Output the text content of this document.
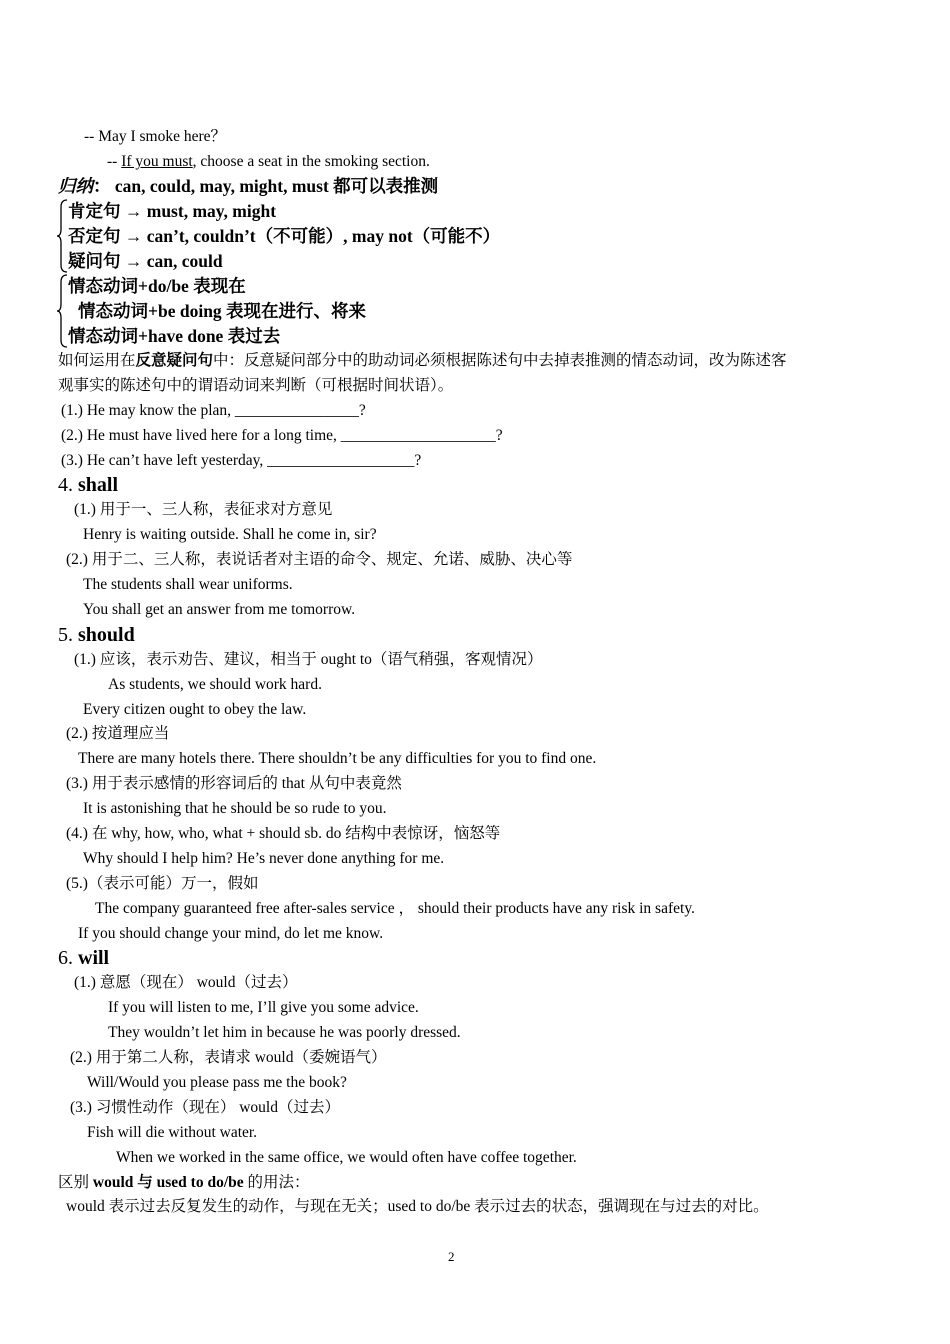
-- May I smoke here？
-- If you must, choose a seat in the smoking section.
归纳： can, could, may, might, must 都可以表推测
肯定句 → must, may, might
否定句 → can’t, couldn’t（不可能）, may not（可能不）
疑问句 → can, could
情态动词+do/be 表现在
情态动词+be doing 表现在进行、将来
情态动词+have done 表过去
如何运用在反意疑问句中：反意疑问部分中的助动词必须根据陈述句中去掉表推测的情态动词，改为陈述客
观事实的陈述句中的谓语动词来判断（可根据时间状语）。
(1.) He may know the plan, ________________?
(2.) He must have lived here for a long time, ____________________?
(3.) He can’t have left yesterday, ___________________?
4. shall
(1.) 用于一、三人称，表征求对方意见
Henry is waiting outside. Shall he come in, sir?
(2.) 用于二、三人称，表说话者对主语的命令、规定、允诺、威胁、决心等
The students shall wear uniforms.
You shall get an answer from me tomorrow.
5. should
(1.) 应该，表示劝告、建议，相当于 ought to（语气稍强，客观情况）
As students, we should work hard.
Every citizen ought to obey the law.
(2.) 按道理应当
There are many hotels there. There shouldn’t be any difficulties for you to find one.
(3.) 用于表示感情的形容词后的 that 从句中表竟然
It is astonishing that he should be so rude to you.
(4.) 在 why, how, who, what + should sb. do 结构中表惊讶，恼怒等
Why should I help him? He’s never done anything for me.
(5.)（表示可能）万一，假如
The company guaranteed free after-sales service ， should their products have any risk in safety.
If you should change your mind, do let me know.
6. will
(1.) 意愿（现在） would（过去）
If you will listen to me, I’ll give you some advice.
They wouldn’t let him in because he was poorly dressed.
(2.) 用于第二人称，表请求 would（委婉语气）
Will/Would you please pass me the book?
(3.) 习惯性动作（现在） would（过去）
Fish will die without water.
When we worked in the same office, we would often have coffee together.
区别 would 与 used to do/be 的用法：
would 表示过去反复发生的动作，与现在无关；used to do/be 表示过去的状态，强调现在与过去的对比。
2
